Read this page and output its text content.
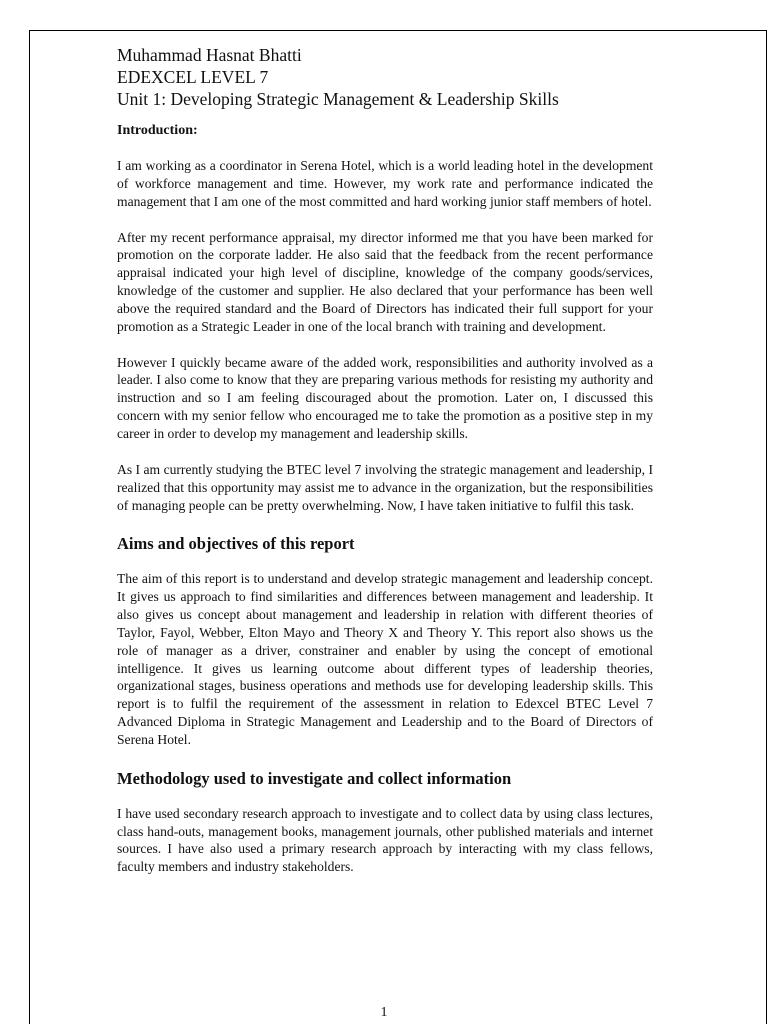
Muhammad Hasnat Bhatti
EDEXCEL LEVEL 7
Unit 1: Developing Strategic Management & Leadership Skills
Introduction:

I am working as a coordinator in Serena Hotel, which is a world leading hotel in the development of workforce management and time. However, my work rate and performance indicated the management that I am one of the most committed and hard working junior staff members of hotel.

After my recent performance appraisal, my director informed me that you have been marked for promotion on the corporate ladder. He also said that the feedback from the recent performance appraisal indicated your high level of discipline, knowledge of the company goods/services, knowledge of the customer and supplier. He also declared that your performance has been well above the required standard and the Board of Directors has indicated their full support for your promotion as a Strategic Leader in one of the local branch with training and development.

However I quickly became aware of the added work, responsibilities and authority involved as a leader. I also come to know that they are preparing various methods for resisting my authority and instruction and so I am feeling discouraged about the promotion. Later on, I discussed this concern with my senior fellow who encouraged me to take the promotion as a positive step in my career in order to develop my management and leadership skills.

As I am currently studying the BTEC level 7 involving the strategic management and leadership, I realized that this opportunity may assist me to advance in the organization, but the responsibilities of managing people can be pretty overwhelming. Now, I have taken initiative to fulfil this task.

Aims and objectives of this report

The aim of this report is to understand and develop strategic management and leadership concept. It gives us approach to find similarities and differences between management and leadership. It also gives us concept about management and leadership in relation with different theories of Taylor, Fayol, Webber, Elton Mayo and Theory X and Theory Y. This report also shows us the role of manager as a driver, constrainer and enabler by using the concept of emotional intelligence. It gives us learning outcome about different types of leadership theories, organizational stages, business operations and methods use for developing leadership skills. This report is to fulfil the requirement of the assessment in relation to Edexcel BTEC Level 7 Advanced Diploma in Strategic Management and Leadership and to the Board of Directors of Serena Hotel.

Methodology used to investigate and collect information

I have used secondary research approach to investigate and to collect data by using class lectures, class hand-outs, management books, management journals, other published materials and internet sources. I have also used a primary research approach by interacting with my class fellows, faculty members and industry stakeholders.

1
